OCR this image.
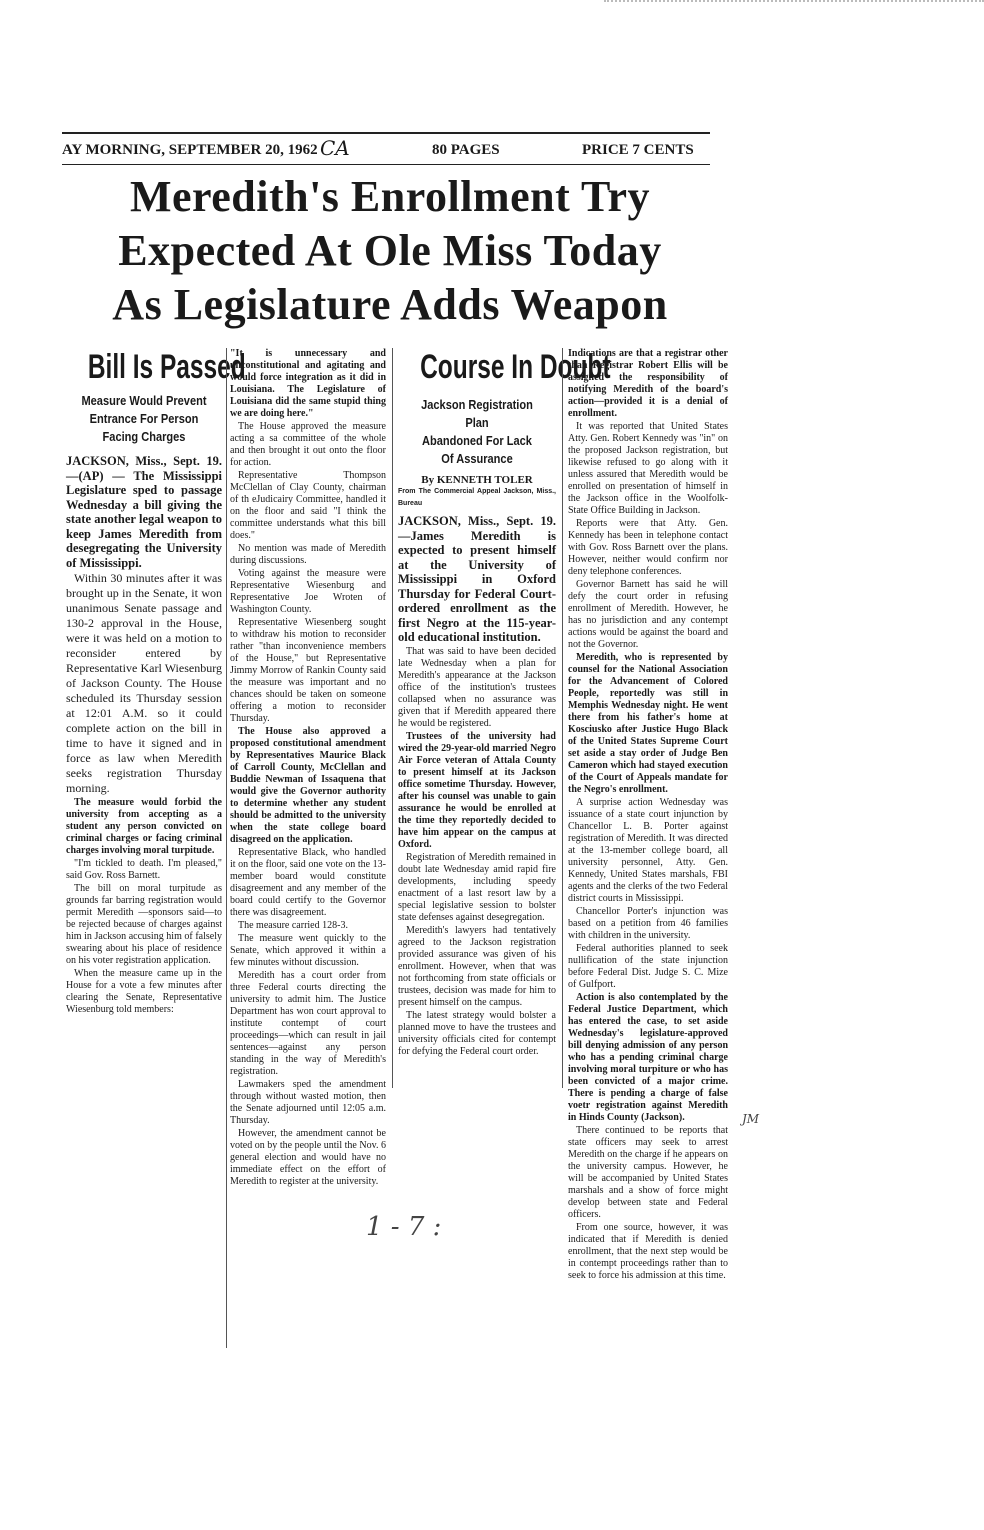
AY MORNING, SEPTEMBER 20, 1962 CA	80 PAGES	PRICE 7 CENTS
Meredith's Enrollment Try
Expected At Ole Miss Today
As Legislature Adds Weapon
Bill Is Passed
Measure Would Prevent
Entrance For Person
Facing Charges

JACKSON, Miss., Sept. 19.—(AP) — The Mississippi Legislature sped to passage Wednesday a bill giving the state another legal weapon to keep James Meredith from desegregating the University of Mississippi.

Within 30 minutes after it was brought up in the Senate, it won unanimous Senate passage and 130-2 approval in the House, were it was held on a motion to reconsider entered by Representative Karl Wiesenburg of Jackson County. The House scheduled its Thursday session at 12:01 A.M. so it could complete action on the bill in time to have it signed and in force as law when Meredith seeks registration Thursday morning.

The measure would forbid the university from accepting as a student any person convicted on criminal charges or facing criminal charges involving moral turpitude.

"I'm tickled to death. I'm pleased," said Gov. Ross Barnett.

The bill on moral turpitude as grounds far barring registration would permit Meredith —sponsors said—to be rejected because of charges against him in Jackson accusing him of falsely swearing about his place of residence on his voter registration application.

When the measure came up in the House for a vote a few minutes after clearing the Senate, Representative Wiesenburg told members:

"It is unnecessary and unconstitutional and agitating and would force integration as it did in Louisiana. The Legislature of Louisiana did the same stupid thing we are doing here."

The House approved the measure acting a sa committee of the whole and then brought it out onto the floor for action.

Representative Thompson McClellan of Clay County, chairman of th eJudicairy Committee, handled it on the floor and said "I think the committee understands what this bill does."

No mention was made of Meredith during discussions.

Voting against the measure were Representative Wiesenburg and Representative Joe Wroten of Washington County.

Representative Wiesenberg sought to withdraw his motion to reconsider rather "than inconvenience members of the House," but Representative Jimmy Morrow of Rankin County said the measure was important and no chances should be taken on someone offering a motion to reconsider Thursday.

The House also approved a proposed constitutional amendment by Representatives Maurice Black of Carroll County, McClellan and Buddie Newman of Issaquena that would give the Governor authority to determine whether any student should be admitted to the university when the state college board disagreed on the application.

Representative Black, who handled it on the floor, said one vote on the 13-member board would constitute disagreement and any member of the board could certify to the Governor there was disagreement.

The measure carried 128-3.

The measure went quickly to the Senate, which approved it within a few minutes without discussion.

Meredith has a court order from three Federal courts directing the university to admit him. The Justice Department has won court approval to institute contempt of court proceedings—which can result in jail sentences—against any person standing in the way of Meredith's registration.

Lawmakers sped the amendment through without wasted motion, then the Senate adjourned until 12:05 a.m. Thursday.

However, the amendment cannot be voted on by the people until the Nov. 6 general election and would have no immediate effect on the effort of Meredith to register at the university.

Course In Doubt
Jackson Registration Plan
Abandoned For Lack
Of Assurance
By KENNETH TOLER
From The Commercial Appeal Jackson, Miss., Bureau

JACKSON, Miss., Sept. 19.—James Meredith is expected to present himself at the University of Mississippi in Oxford Thursday for Federal Court-ordered enrollment as the first Negro at the 115-year-old educational institution.

That was said to have been decided late Wednesday when a plan for Meredith's appearance at the Jackson office of the institution's trustees collapsed when no assurance was given that if Meredith appeared there he would be registered.

Trustees of the university had wired the 29-year-old married Negro Air Force veteran of Attala County to present himself at its Jackson office sometime Thursday. However, after his counsel was unable to gain assurance he would be enrolled at the time they reportedly decided to have him appear on the campus at Oxford.

Registration of Meredith remained in doubt late Wednesday amid rapid fire developments, including speedy enactment of a last resort law by a special legislative session to bolster state defenses against desegregation.

Meredith's lawyers had tentatively agreed to the Jackson registration provided assurance was given of his enrollment. However, when that was not forthcoming from state officials or trustees, decision was made for him to present himself on the campus.

The latest strategy would bolster a planned move to have the trustees and university officials cited for contempt for defying the Federal court order.

Indications are that a registrar other than Registrar Robert Ellis will be assigned the responsibility of notifying Meredith of the board's action—provided it is a denial of enrollment.

It was reported that United States Atty. Gen. Robert Kennedy was "in" on the proposed Jackson registration, but likewise refused to go along with it unless assured that Meredith would be enrolled on presentation of himself in the Jackson office in the Woolfolk-State Office Building in Jackson.

Reports were that Atty. Gen. Kennedy has been in telephone contact with Gov. Ross Barnett over the plans. However, neither would confirm nor deny telephone conferences.

Governor Barnett has said he will defy the court order in refusing enrollment of Meredith. However, he has no jurisdiction and any contempt actions would be against the board and not the Governor.

Meredith, who is represented by counsel for the National Association for the Advancement of Colored People, reportedly was still in Memphis Wednesday night. He went there from his father's home at Kosciusko after Justice Hugo Black of the United States Supreme Court set aside a stay order of Judge Ben Cameron which had stayed execution of the Court of Appeals mandate for the Negro's enrollment.

A surprise action Wednesday was issuance of a state court injunction by Chancellor L. B. Porter against registration of Meredith. It was directed at the 13-member college board, all university personnel, Atty. Gen. Kennedy, United States marshals, FBI agents and the clerks of the two Federal district courts in Mississippi.

Chancellor Porter's injunction was based on a petition from 46 families with children in the university.

Federal authorities planned to seek nullification of the state injunction before Federal Dist. Judge S. C. Mize of Gulfport.

Action is also contemplated by the Federal Justice Department, which has entered the case, to set aside Wednesday's legislature-approved bill denying admission of any person who has a pending criminal charge involving moral turpiture or who has been convicted of a major crime. There is pending a charge of false voetr registration against Meredith in Hinds County (Jackson).

There continued to be reports that state officers may seek to arrest Meredith on the charge if he appears on the university campus. However, he will be accompanied by United States marshals and a show of force might develop between state and Federal officers.

From one source, however, it was indicated that if Meredith is denied enrollment, that the next step would be in contempt proceedings rather than to seek to force his admission at this time.

1 - 7 :
JM
